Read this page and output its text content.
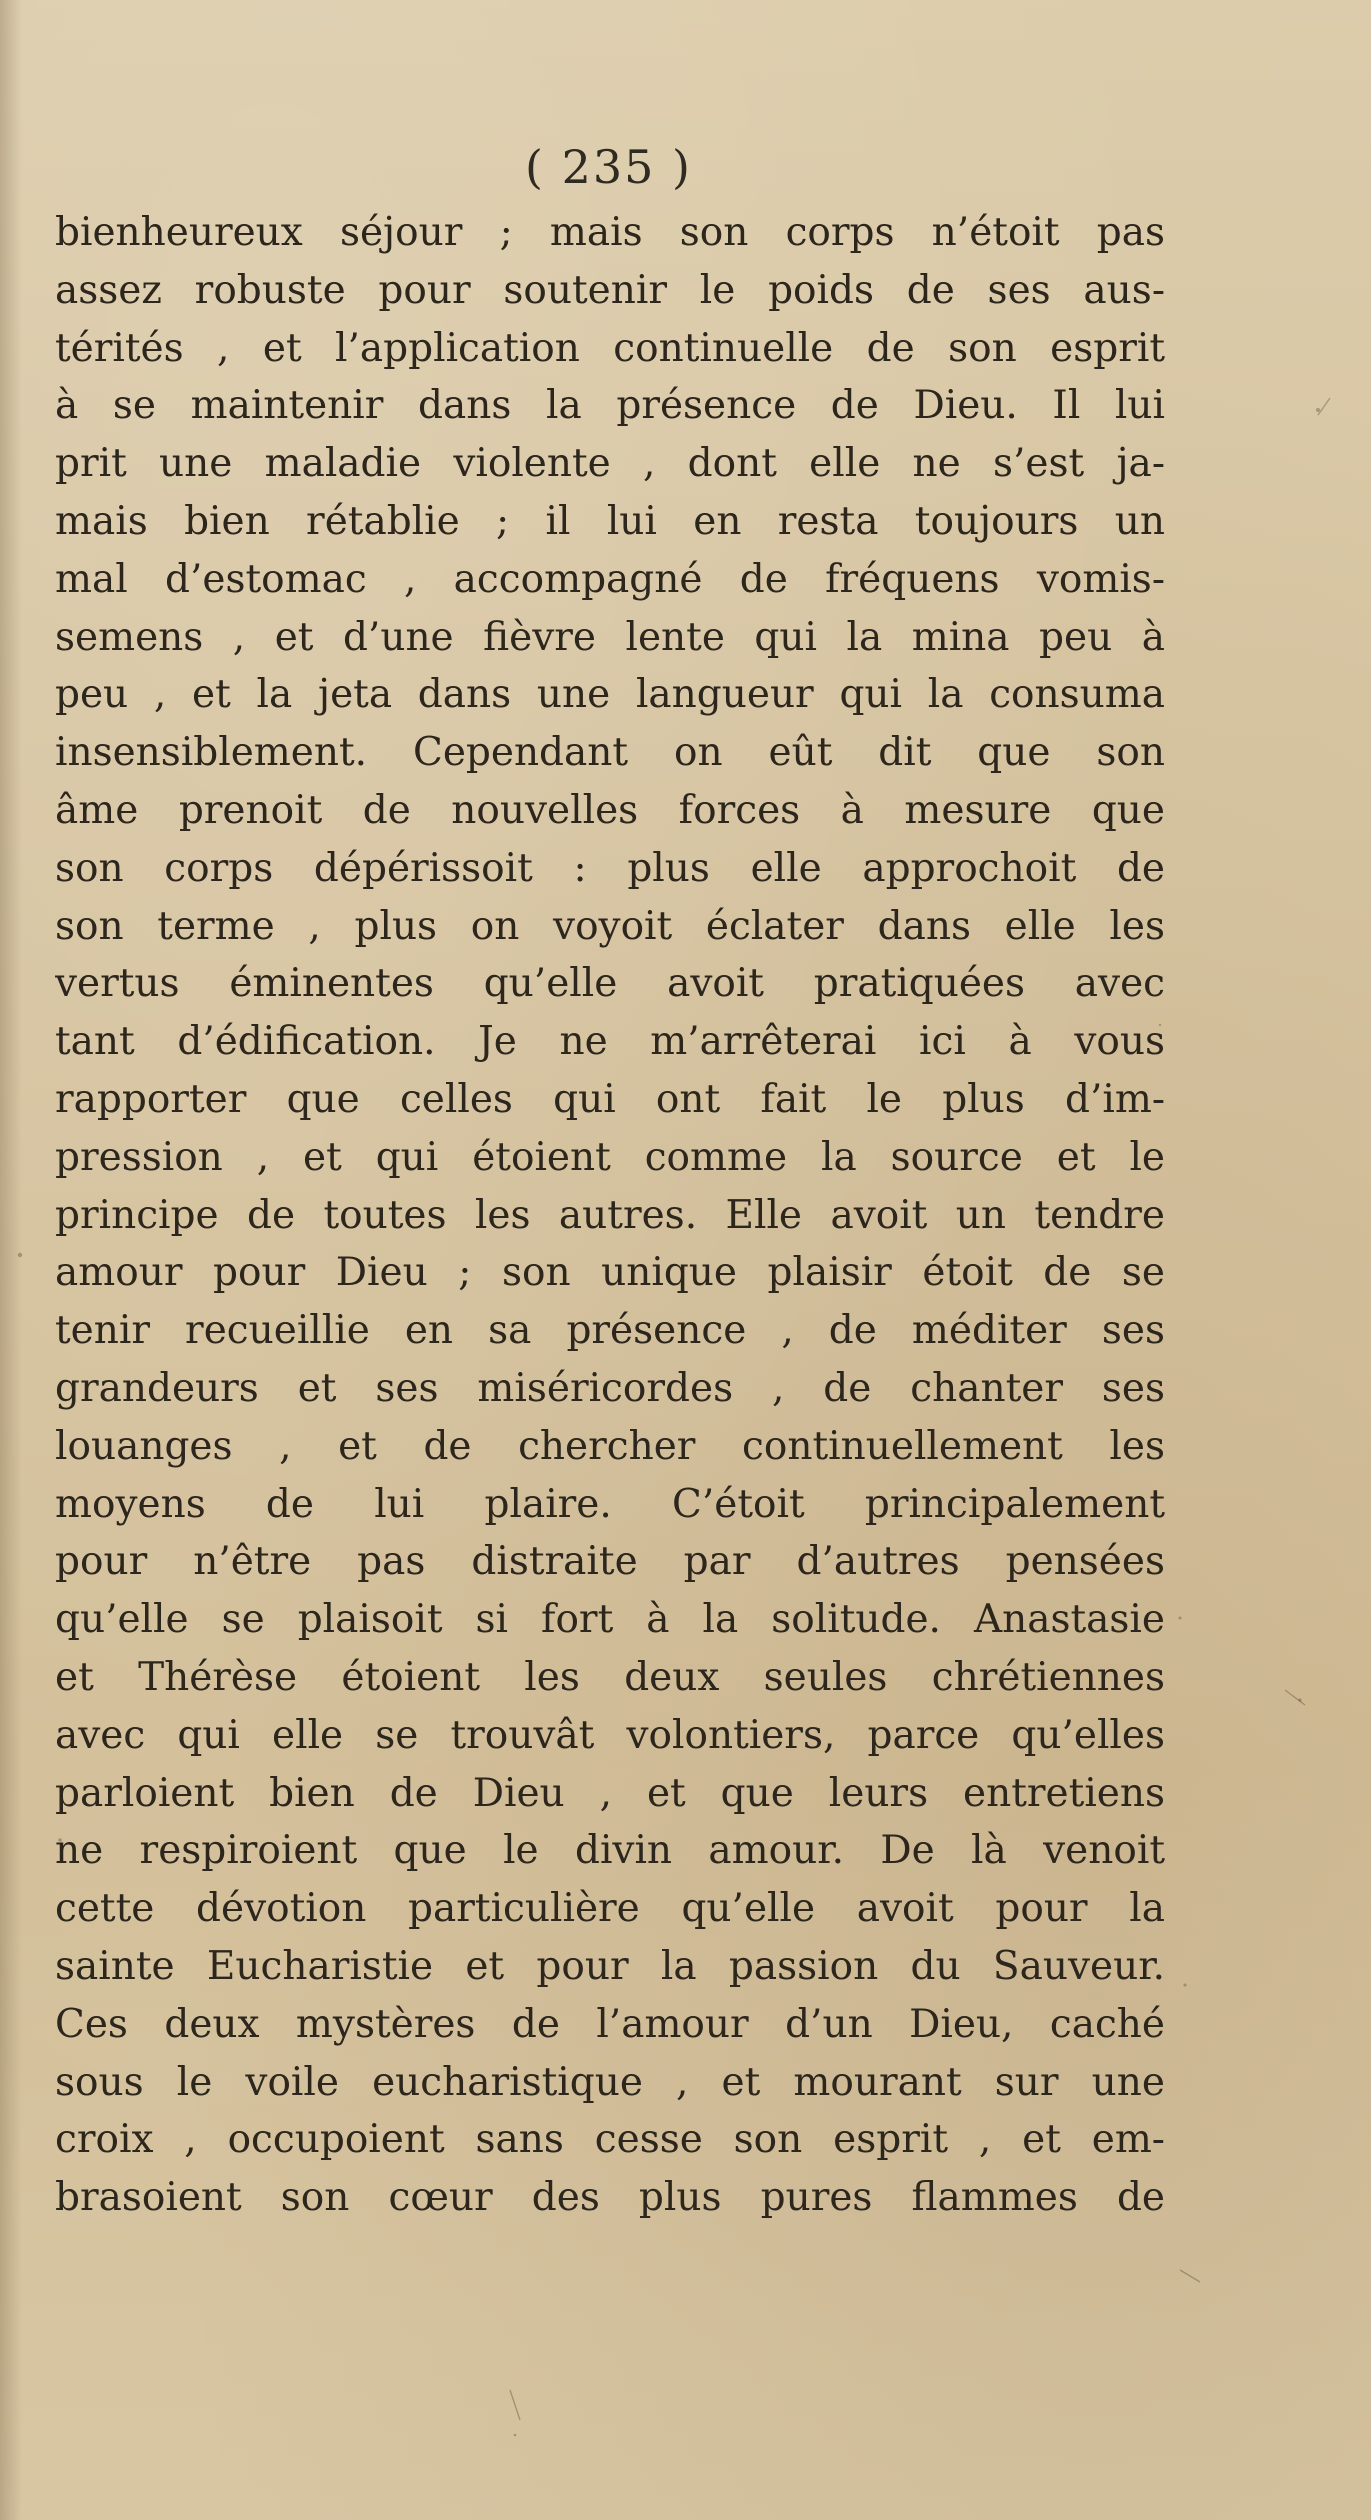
( 235 )
bienheureux séjour ; mais son corps n’étoit pas
assez robuste pour soutenir le poids de ses aus-
térités , et l’application continuelle de son esprit
à se maintenir dans la présence de Dieu. Il lui
prit une maladie violente , dont elle ne s’est ja-
mais bien rétablie ; il lui en resta toujours un
mal d’estomac , accompagné de fréquens vomis-
semens , et d’une fièvre lente qui la mina peu à
peu , et la jeta dans une langueur qui la consuma
insensiblement. Cependant on eût dit que son
âme prenoit de nouvelles forces à mesure que
son corps dépérissoit : plus elle approchoit de
son terme , plus on voyoit éclater dans elle les
vertus éminentes qu’elle avoit pratiquées avec
tant d’édification. Je ne m’arrêterai ici à vous
rapporter que celles qui ont fait le plus d’im-
pression , et qui étoient comme la source et le
principe de toutes les autres. Elle avoit un tendre
amour pour Dieu ; son unique plaisir étoit de se
tenir recueillie en sa présence , de méditer ses
grandeurs et ses miséricordes , de chanter ses
louanges , et de chercher continuellement les
moyens de lui plaire. C’étoit principalement
pour n’être pas distraite par d’autres pensées
qu’elle se plaisoit si fort à la solitude. Anastasie
et Thérèse étoient les deux seules chrétiennes
avec qui elle se trouvât volontiers, parce qu’elles
parloient bien de Dieu , et que leurs entretiens
ne respiroient que le divin amour. De là venoit
cette dévotion particulière qu’elle avoit pour la
sainte Eucharistie et pour la passion du Sauveur.
Ces deux mystères de l’amour d’un Dieu, caché
sous le voile eucharistique , et mourant sur une
croix , occupoient sans cesse son esprit , et em-
brasoient son cœur des plus pures flammes de
